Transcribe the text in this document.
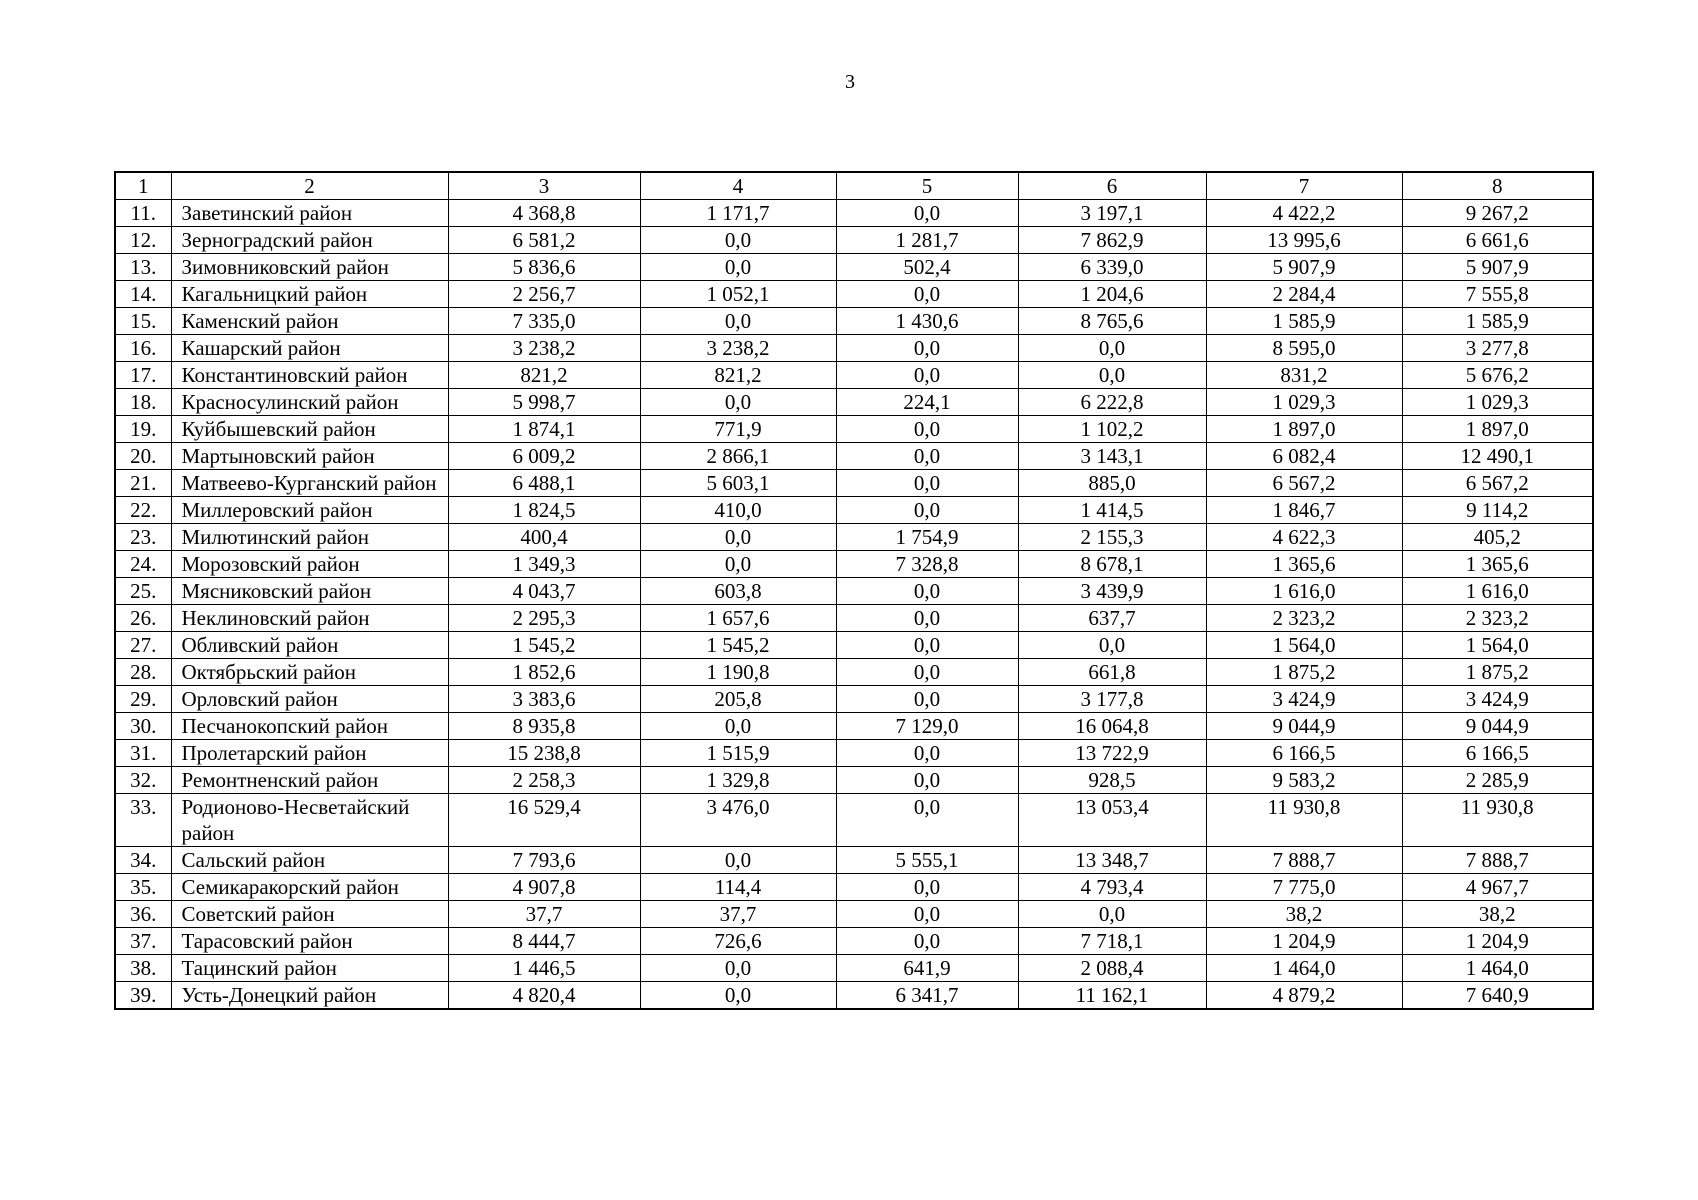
3
1	2	3	4	5	6	7	8
11.	Заветинский район	4 368,8	1 171,7	0,0	3 197,1	4 422,2	9 267,2
12.	Зерноградский район	6 581,2	0,0	1 281,7	7 862,9	13 995,6	6 661,6
13.	Зимовниковский район	5 836,6	0,0	502,4	6 339,0	5 907,9	5 907,9
14.	Кагальницкий район	2 256,7	1 052,1	0,0	1 204,6	2 284,4	7 555,8
15.	Каменский район	7 335,0	0,0	1 430,6	8 765,6	1 585,9	1 585,9
16.	Кашарский район	3 238,2	3 238,2	0,0	0,0	8 595,0	3 277,8
17.	Константиновский район	821,2	821,2	0,0	0,0	831,2	5 676,2
18.	Красносулинский район	5 998,7	0,0	224,1	6 222,8	1 029,3	1 029,3
19.	Куйбышевский район	1 874,1	771,9	0,0	1 102,2	1 897,0	1 897,0
20.	Мартыновский район	6 009,2	2 866,1	0,0	3 143,1	6 082,4	12 490,1
21.	Матвеево-Курганский район	6 488,1	5 603,1	0,0	885,0	6 567,2	6 567,2
22.	Миллеровский район	1 824,5	410,0	0,0	1 414,5	1 846,7	9 114,2
23.	Милютинский район	400,4	0,0	1 754,9	2 155,3	4 622,3	405,2
24.	Морозовский район	1 349,3	0,0	7 328,8	8 678,1	1 365,6	1 365,6
25.	Мясниковский район	4 043,7	603,8	0,0	3 439,9	1 616,0	1 616,0
26.	Неклиновский район	2 295,3	1 657,6	0,0	637,7	2 323,2	2 323,2
27.	Обливский район	1 545,2	1 545,2	0,0	0,0	1 564,0	1 564,0
28.	Октябрьский район	1 852,6	1 190,8	0,0	661,8	1 875,2	1 875,2
29.	Орловский район	3 383,6	205,8	0,0	3 177,8	3 424,9	3 424,9
30.	Песчанокопский район	8 935,8	0,0	7 129,0	16 064,8	9 044,9	9 044,9
31.	Пролетарский район	15 238,8	1 515,9	0,0	13 722,9	6 166,5	6 166,5
32.	Ремонтненский район	2 258,3	1 329,8	0,0	928,5	9 583,2	2 285,9
33.	Родионово-Несветайский район	16 529,4	3 476,0	0,0	13 053,4	11 930,8	11 930,8
34.	Сальский район	7 793,6	0,0	5 555,1	13 348,7	7 888,7	7 888,7
35.	Семикаракорский район	4 907,8	114,4	0,0	4 793,4	7 775,0	4 967,7
36.	Советский район	37,7	37,7	0,0	0,0	38,2	38,2
37.	Тарасовский район	8 444,7	726,6	0,0	7 718,1	1 204,9	1 204,9
38.	Тацинский район	1 446,5	0,0	641,9	2 088,4	1 464,0	1 464,0
39.	Усть-Донецкий район	4 820,4	0,0	6 341,7	11 162,1	4 879,2	7 640,9
